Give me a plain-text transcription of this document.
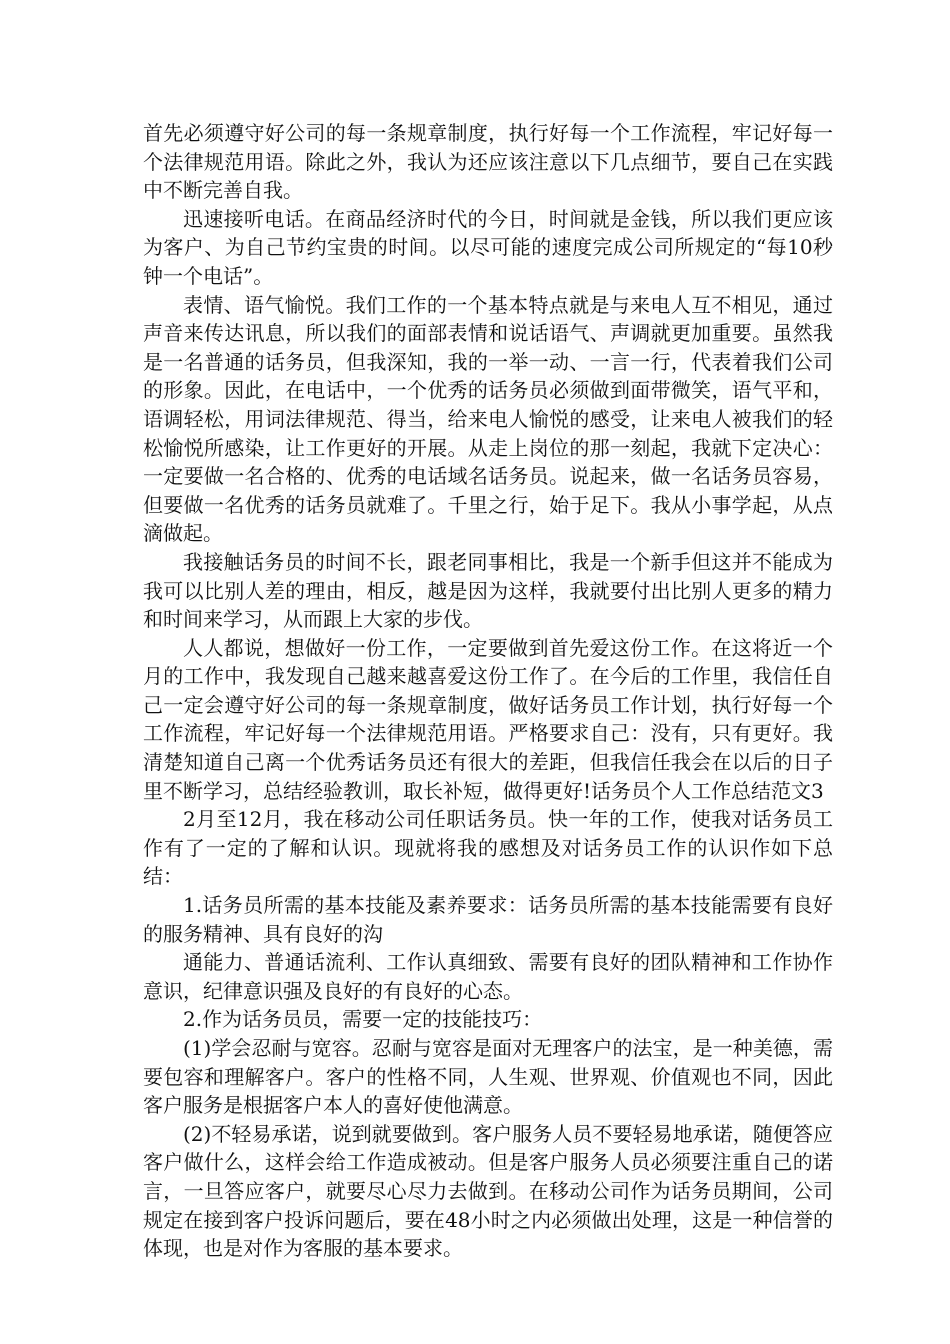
首先必须遵守好公司的每一条规章制度，执行好每一个工作流程，牢记好每一个法律规范用语。除此之外，我认为还应该注意以下几点细节，要自己在实践中不断完善自我。

迅速接听电话。在商品经济时代的今日，时间就是金钱，所以我们更应该为客户、为自己节约宝贵的时间。以尽可能的速度完成公司所规定的“每10秒钟一个电话”。

表情、语气愉悦。我们工作的一个基本特点就是与来电人互不相见，通过声音来传达讯息，所以我们的面部表情和说话语气、声调就更加重要。虽然我是一名普通的话务员，但我深知，我的一举一动、一言一行，代表着我们公司的形象。因此，在电话中，一个优秀的话务员必须做到面带微笑，语气平和，语调轻松，用词法律规范、得当，给来电人愉悦的感受，让来电人被我们的轻松愉悦所感染，让工作更好的开展。从走上岗位的那一刻起，我就下定决心：一定要做一名合格的、优秀的电话域名话务员。说起来，做一名话务员容易，但要做一名优秀的话务员就难了。千里之行，始于足下。我从小事学起，从点滴做起。

我接触话务员的时间不长，跟老同事相比，我是一个新手但这并不能成为我可以比别人差的理由，相反，越是因为这样，我就要付出比别人更多的精力和时间来学习，从而跟上大家的步伐。

人人都说，想做好一份工作，一定要做到首先爱这份工作。在这将近一个月的工作中，我发现自己越来越喜爱这份工作了。在今后的工作里，我信任自己一定会遵守好公司的每一条规章制度，做好话务员工作计划，执行好每一个工作流程，牢记好每一个法律规范用语。严格要求自己：没有，只有更好。我清楚知道自己离一个优秀话务员还有很大的差距，但我信任我会在以后的日子里不断学习，总结经验教训，取长补短，做得更好!话务员个人工作总结范文3

2月至12月，我在移动公司任职话务员。快一年的工作，使我对话务员工作有了一定的了解和认识。现就将我的感想及对话务员工作的认识作如下总结：

1.话务员所需的基本技能及素养要求：话务员所需的基本技能需要有良好的服务精神、具有良好的沟

通能力、普通话流利、工作认真细致、需要有良好的团队精神和工作协作意识，纪律意识强及良好的有良好的心态。

2.作为话务员员，需要一定的技能技巧：

(1)学会忍耐与宽容。忍耐与宽容是面对无理客户的法宝，是一种美德，需要包容和理解客户。客户的性格不同，人生观、世界观、价值观也不同，因此客户服务是根据客户本人的喜好使他满意。

(2)不轻易承诺，说到就要做到。客户服务人员不要轻易地承诺，随便答应客户做什么，这样会给工作造成被动。但是客户服务人员必须要注重自己的诺言，一旦答应客户，就要尽心尽力去做到。在移动公司作为话务员期间，公司规定在接到客户投诉问题后，要在48小时之内必须做出处理，这是一种信誉的体现，也是对作为客服的基本要求。
